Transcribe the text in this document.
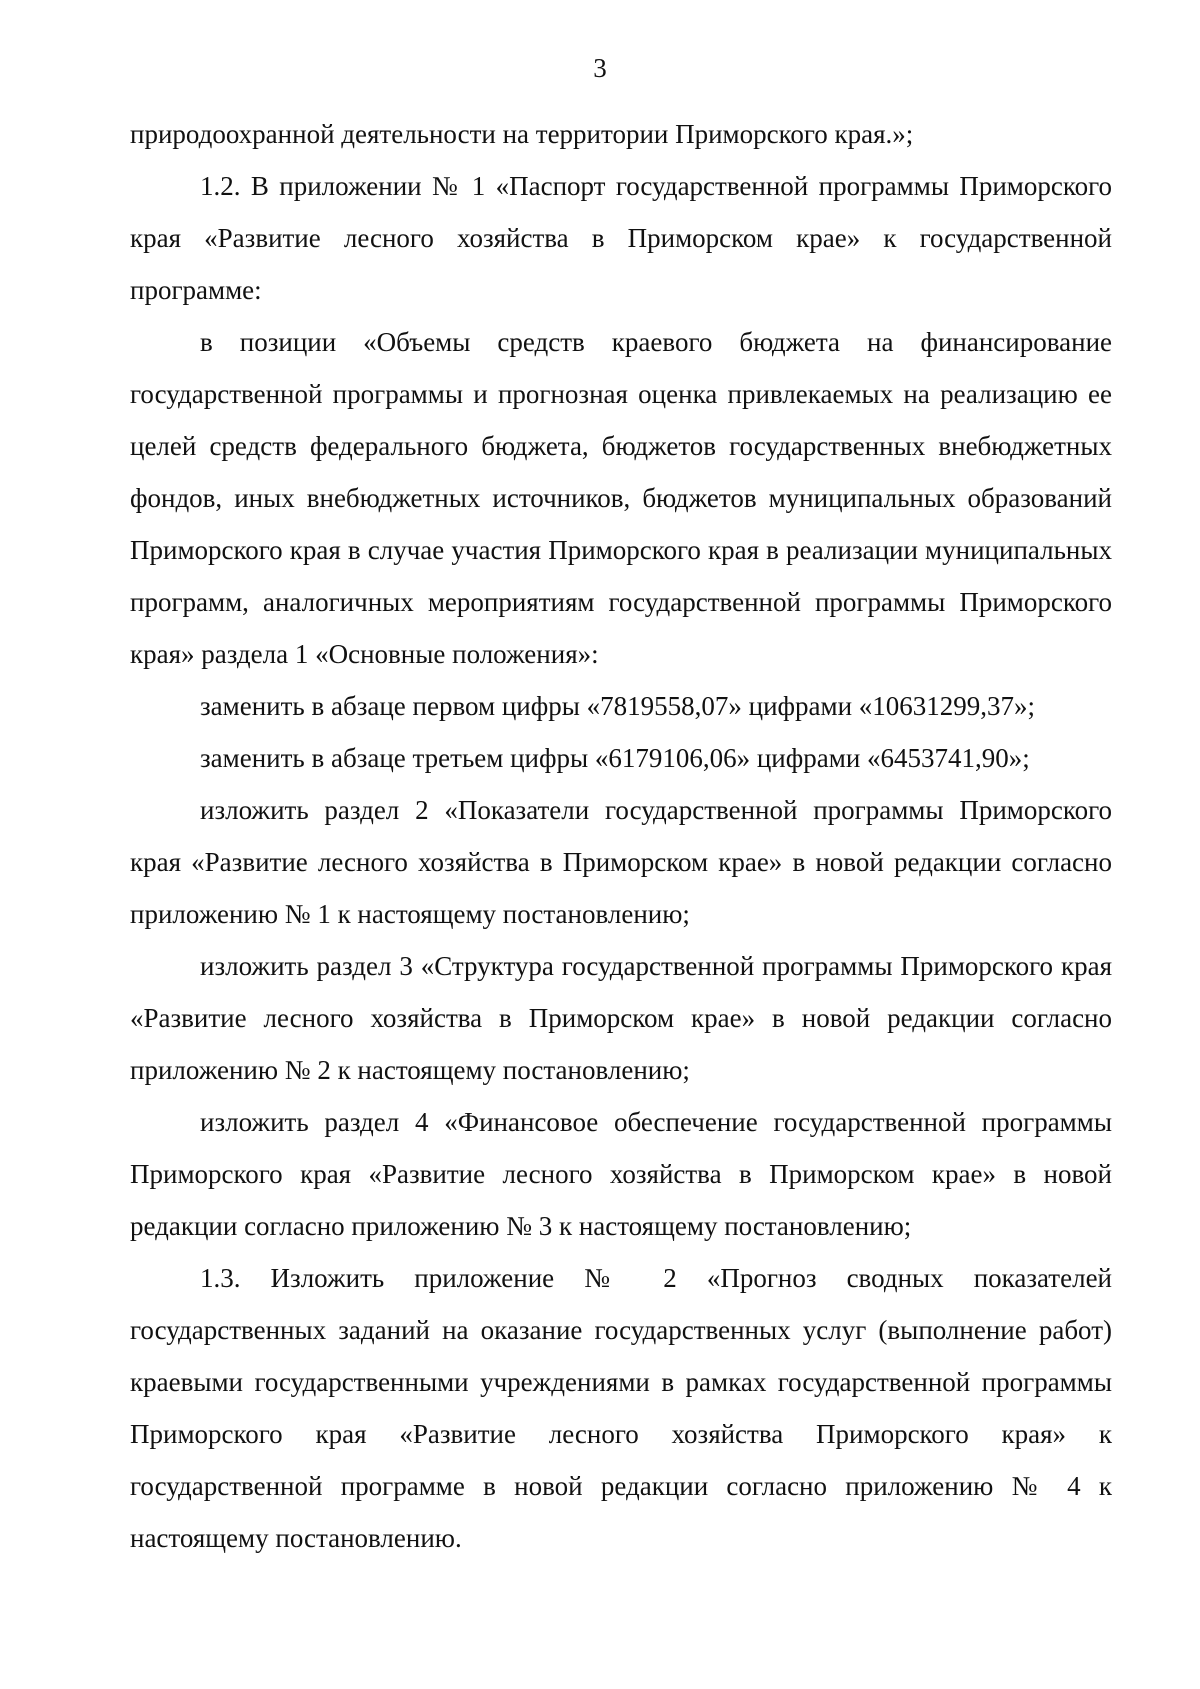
3

природоохранной деятельности на территории Приморского края.»;

1.2. В приложении № 1 «Паспорт государственной программы Приморского края «Развитие лесного хозяйства в Приморском крае» к государственной программе:

в позиции «Объемы средств краевого бюджета на финансирование государственной программы и прогнозная оценка привлекаемых на реализацию ее целей средств федерального бюджета, бюджетов государственных внебюджетных фондов, иных внебюджетных источников, бюджетов муниципальных образований Приморского края в случае участия Приморского края в реализации муниципальных программ, аналогичных мероприятиям государственной программы Приморского края» раздела 1 «Основные положения»:

заменить в абзаце первом цифры «7819558,07» цифрами «10631299,37»;

заменить в абзаце третьем цифры «6179106,06» цифрами «6453741,90»;

изложить раздел 2 «Показатели государственной программы Приморского края «Развитие лесного хозяйства в Приморском крае» в новой редакции согласно приложению № 1 к настоящему постановлению;

изложить раздел 3 «Структура государственной программы Приморского края «Развитие лесного хозяйства в Приморском крае» в новой редакции согласно приложению № 2 к настоящему постановлению;

изложить раздел 4 «Финансовое обеспечение государственной программы Приморского края «Развитие лесного хозяйства в Приморском крае» в новой редакции согласно приложению № 3 к настоящему постановлению;

1.3. Изложить приложение № 2 «Прогноз сводных показателей государственных заданий на оказание государственных услуг (выполнение работ) краевыми государственными учреждениями в рамках государственной программы Приморского края «Развитие лесного хозяйства Приморского края» к государственной программе в новой редакции согласно приложению № 4 к настоящему постановлению.
